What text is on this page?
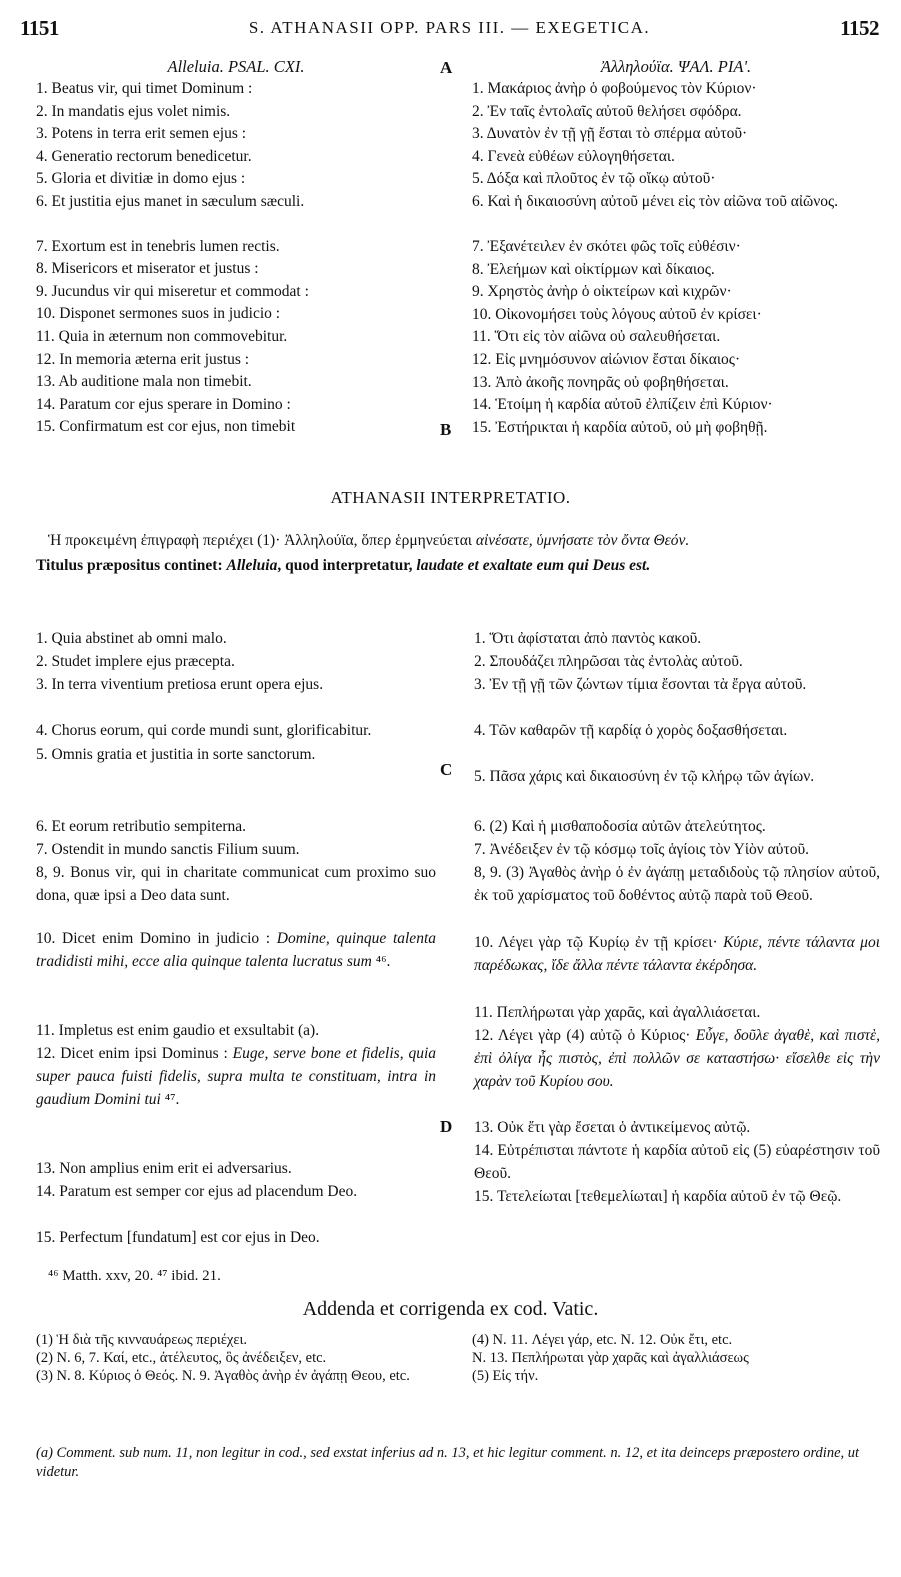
1151	S. ATHANASII OPP. PARS III. — EXEGETICA.	1152
A
B
C
D
Alleluia. PSAL. CXI.
1. Beatus vir, qui timet Dominum :
2. In mandatis ejus volet nimis.
3. Potens in terra erit semen ejus :
4. Generatio rectorum benedicetur.
5. Gloria et divitiæ in domo ejus :
6. Et justitia ejus manet in sæculum sæculi.
7. Exortum est in tenebris lumen rectis.
8. Misericors et miserator et justus :
9. Jucundus vir qui miseretur et commodat :
10. Disponet sermones suos in judicio :
11. Quia in æternum non commovebitur.
12. In memoria æterna erit justus :
13. Ab auditione mala non timebit.
14. Paratum cor ejus sperare in Domino :
15. Confirmatum est cor ejus, non timebit
Ἀλληλούϊα. ΨΑΛ. ΡΙΑ'.
1. Μακάριος ἀνὴρ ὁ φοβούμενος τὸν Κύριον·
2. Ἐν ταῖς ἐντολαῖς αὐτοῦ θελήσει σφόδρα.
3. Δυνατὸν ἐν τῇ γῇ ἔσται τὸ σπέρμα αὐτοῦ·
4. Γενεὰ εὐθέων εὐλογηθήσεται.
5. Δόξα καὶ πλοῦτος ἐν τῷ οἴκῳ αὐτοῦ·
6. Καὶ ἡ δικαιοσύνη αὐτοῦ μένει εἰς τὸν αἰῶνα τοῦ αἰῶνος.
7. Ἐξανέτειλεν ἐν σκότει φῶς τοῖς εὐθέσιν·
8. Ἐλεήμων καὶ οἰκτίρμων καὶ δίκαιος.
9. Χρηστὸς ἀνὴρ ὁ οἰκτείρων καὶ κιχρῶν·
10. Οἰκονομήσει τοὺς λόγους αὐτοῦ ἐν κρίσει·
11. Ὅτι εἰς τὸν αἰῶνα οὐ σαλευθήσεται.
12. Εἰς μνημόσυνον αἰώνιον ἔσται δίκαιος·
13. Ἀπὸ ἀκοῆς πονηρᾶς οὐ φοβηθήσεται.
14. Ἑτοίμη ἡ καρδία αὐτοῦ ἐλπίζειν ἐπὶ Κύριον·
15. Ἐστήρικται ἡ καρδία αὐτοῦ, οὐ μὴ φοβηθῇ.
ATHANASII INTERPRETATIO.
Ἡ προκειμένη ἐπιγραφὴ περιέχει (1)· Ἀλληλούϊα, ὅπερ ἑρμηνεύεται αἰνέσατε, ὑμνήσατε τὸν ὄντα Θεόν.
Titulus præpositus continet: Alleluia, quod interpretatur, laudate et exaltate eum qui Deus est.
1. Quia abstinet ab omni malo.
2. Studet implere ejus præcepta.
3. In terra viventium pretiosa erunt opera ejus.
4. Chorus eorum, qui corde mundi sunt, glorificabitur.
5. Omnis gratia et justitia in sorte sanctorum.
6. Et eorum retributio sempiterna.
7. Ostendit in mundo sanctis Filium suum.
8, 9. Bonus vir, qui in charitate communicat cum proximo suo dona, quæ ipsi a Deo data sunt.
10. Dicet enim Domino in judicio : Domine, quinque talenta tradidisti mihi, ecce alia quinque talenta lucratus sum ⁴⁶.
11. Impletus est enim gaudio et exsultabit (a).
12. Dicet enim ipsi Dominus : Euge, serve bone et fidelis, quia super pauca fuisti fidelis, supra multa te constituam, intra in gaudium Domini tui ⁴⁷.
13. Non amplius enim erit ei adversarius.
14. Paratum est semper cor ejus ad placendum Deo.
15. Perfectum [fundatum] est cor ejus in Deo.
1. Ὅτι ἀφίσταται ἀπὸ παντὸς κακοῦ.
2. Σπουδάζει πληρῶσαι τὰς ἐντολὰς αὐτοῦ.
3. Ἐν τῇ γῇ τῶν ζώντων τίμια ἔσονται τὰ ἔργα αὐτοῦ.
4. Τῶν καθαρῶν τῇ καρδίᾳ ὁ χορὸς δοξασθήσεται.
5. Πᾶσα χάρις καὶ δικαιοσύνη ἐν τῷ κλήρῳ τῶν ἁγίων.
6. (2) Καὶ ἡ μισθαποδοσία αὐτῶν ἀτελεύτητος.
7. Ἀνέδειξεν ἐν τῷ κόσμῳ τοῖς ἁγίοις τὸν Υἱὸν αὐτοῦ.
8, 9. (3) Ἀγαθὸς ἀνὴρ ὁ ἐν ἀγάπῃ μεταδιδοὺς τῷ πλησίον αὐτοῦ, ἐκ τοῦ χαρίσματος τοῦ δοθέντος αὐτῷ παρὰ τοῦ Θεοῦ.
10. Λέγει γὰρ τῷ Κυρίῳ ἐν τῇ κρίσει· Κύριε, πέντε τάλαντα μοι παρέδωκας, ἴδε ἄλλα πέντε τάλαντα ἐκέρδησα.
11. Πεπλήρωται γὰρ χαρᾶς, καὶ ἀγαλλιάσεται.
12. Λέγει γὰρ (4) αὐτῷ ὁ Κύριος· Εὖγε, δοῦλε ἀγαθὲ, καὶ πιστὲ, ἐπὶ ὀλίγα ἦς πιστὸς, ἐπὶ πολλῶν σε καταστήσω· εἴσελθε εἰς τὴν χαρὰν τοῦ Κυρίου σου.
13. Οὐκ ἔτι γὰρ ἔσεται ὁ ἀντικείμενος αὐτῷ.
14. Εὐτρέπισται πάντοτε ἡ καρδία αὐτοῦ εἰς (5) εὐαρέστησιν τοῦ Θεοῦ.
15. Τετελείωται [τεθεμελίωται] ἡ καρδία αὐτοῦ ἐν τῷ Θεῷ.
⁴⁶ Matth. xxv, 20. ⁴⁷ ibid. 21.
Addenda et corrigenda ex cod. Vatic.
(1) Ἡ διὰ τῆς κινναυάρεως περιέχει.
(2) N. 6, 7. Καί, etc., ἀτέλευτος, ὃς ἀνέδειξεν, etc.
(3) N. 8. Κύριος ὁ Θεός. N. 9. Ἀγαθὸς ἀνὴρ ἐν ἀγάπῃ Θεου, etc.
(4) N. 11. Λέγει γάρ, etc. N. 12. Οὐκ ἔτι, etc.
N. 13. Πεπλήρωται γὰρ χαρᾶς καὶ ἀγαλλιάσεως
(5) Εἰς τήν.
(a) Comment. sub num. 11, non legitur in cod., sed exstat inferius ad n. 13, et hic legitur comment. n. 12, et ita deinceps præpostero ordine, ut videtur.
